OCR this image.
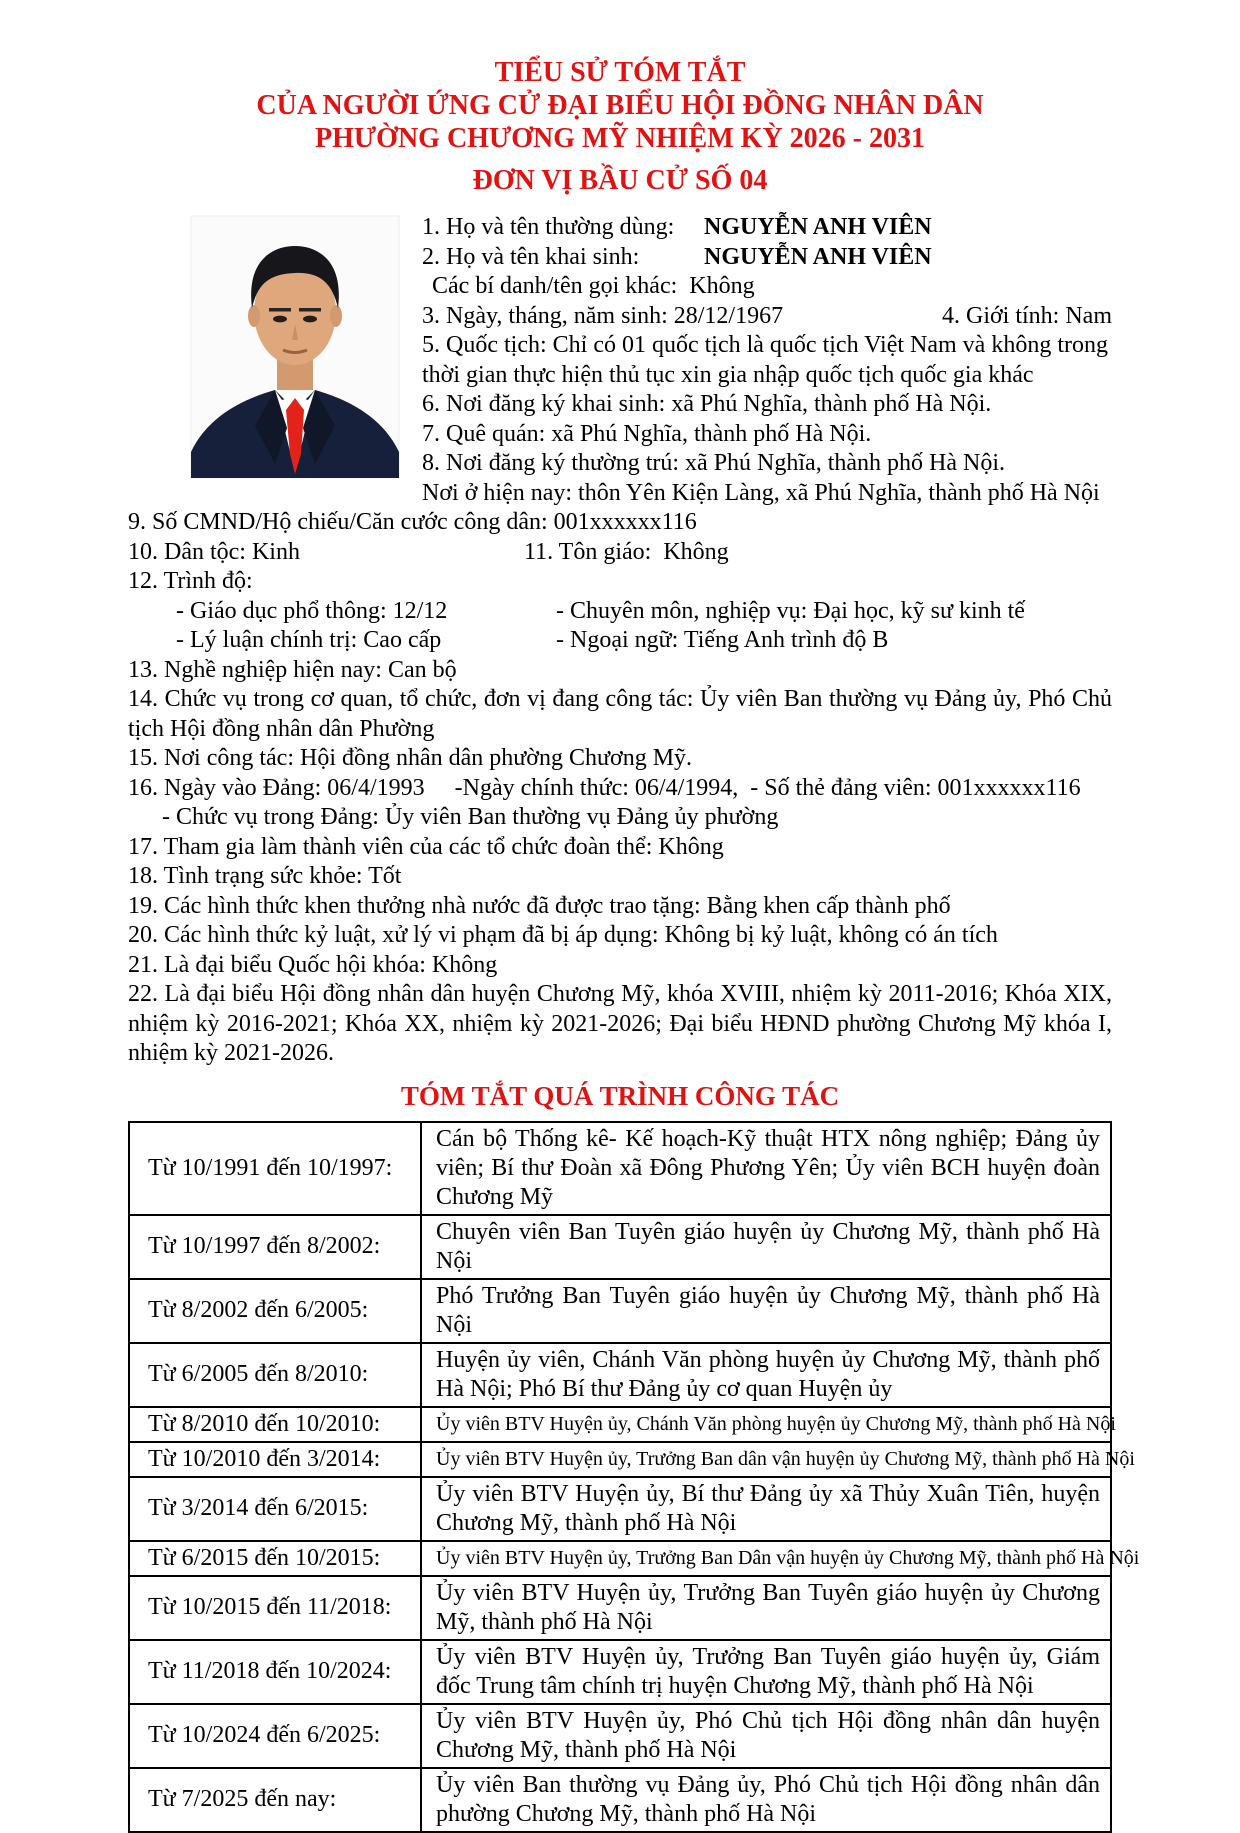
TIỂU SỬ TÓM TẮT
CỦA NGƯỜI ỨNG CỬ ĐẠI BIỂU HỘI ĐỒNG NHÂN DÂN
PHƯỜNG CHƯƠNG MỸ NHIỆM KỲ 2026 - 2031
ĐƠN VỊ BẦU CỬ SỐ 04
1. Họ và tên thường dùng: NGUYỄN ANH VIÊN
2. Họ và tên khai sinh:	NGUYỄN ANH VIÊN
Các bí danh/tên gọi khác:  Không
3. Ngày, tháng, năm sinh: 28/12/1967	4. Giới tính: Nam
5. Quốc tịch: Chỉ có 01 quốc tịch là quốc tịch Việt Nam và không trong thời gian thực hiện thủ tục xin gia nhập quốc tịch quốc gia khác
6. Nơi đăng ký khai sinh: xã Phú Nghĩa, thành phố Hà Nội.
7. Quê quán: xã Phú Nghĩa, thành phố Hà Nội.
8. Nơi đăng ký thường trú: xã Phú Nghĩa, thành phố Hà Nội.
Nơi ở hiện nay: thôn Yên Kiện Làng, xã Phú Nghĩa, thành phố Hà Nội
9. Số CMND/Hộ chiếu/Căn cước công dân: 001xxxxxx116
10. Dân tộc: Kinh	11. Tôn giáo:  Không
12. Trình độ:
- Giáo dục phổ thông: 12/12	- Chuyên môn, nghiệp vụ: Đại học, kỹ sư kinh tế
- Lý luận chính trị: Cao cấp	- Ngoại ngữ: Tiếng Anh trình độ B
13. Nghề nghiệp hiện nay: Can bộ
14. Chức vụ trong cơ quan, tổ chức, đơn vị đang công tác: Ủy viên Ban thường vụ Đảng ủy, Phó Chủ tịch Hội đồng nhân dân Phường
15. Nơi công tác: Hội đồng nhân dân phường Chương Mỹ.
16. Ngày vào Đảng: 06/4/1993     -Ngày chính thức: 06/4/1994,  - Số thẻ đảng viên: 001xxxxxx116
- Chức vụ trong Đảng: Ủy viên Ban thường vụ Đảng ủy phường
17. Tham gia làm thành viên của các tổ chức đoàn thể: Không
18. Tình trạng sức khỏe: Tốt
19. Các hình thức khen thưởng nhà nước đã được trao tặng: Bằng khen cấp thành phố
20. Các hình thức kỷ luật, xử lý vi phạm đã bị áp dụng: Không bị kỷ luật, không có án tích
21. Là đại biểu Quốc hội khóa: Không
22. Là đại biểu Hội đồng nhân dân huyện Chương Mỹ, khóa XVIII, nhiệm kỳ 2011-2016; Khóa XIX, nhiệm kỳ 2016-2021; Khóa XX, nhiệm kỳ 2021-2026; Đại biểu HĐND phường Chương Mỹ khóa I, nhiệm kỳ 2021-2026.
TÓM TẮT QUÁ TRÌNH CÔNG TÁC
Từ 10/1991 đến 10/1997:
Cán bộ Thống kê- Kế hoạch-Kỹ thuật HTX nông nghiệp; Đảng ủy viên; Bí thư Đoàn xã Đông Phương Yên; Ủy viên BCH huyện đoàn Chương Mỹ
Từ 10/1997 đến 8/2002:
Chuyên viên Ban Tuyên giáo huyện ủy Chương Mỹ, thành phố Hà Nội
Từ 8/2002 đến 6/2005:
Phó Trưởng Ban Tuyên giáo huyện ủy Chương Mỹ, thành phố Hà Nội
Từ 6/2005 đến 8/2010:
Huyện ủy viên, Chánh Văn phòng huyện ủy Chương Mỹ, thành phố Hà Nội; Phó Bí thư Đảng ủy cơ quan Huyện ủy
Từ 8/2010 đến 10/2010:	Ủy viên BTV Huyện ủy, Chánh Văn phòng huyện ủy Chương Mỹ, thành phố Hà Nội
Từ 10/2010 đến 3/2014:	Ủy viên BTV Huyện ủy, Trưởng Ban dân vận huyện ủy Chương Mỹ, thành phố Hà Nội
Từ 3/2014 đến 6/2015:
Ủy viên BTV Huyện ủy, Bí thư Đảng ủy xã Thủy Xuân Tiên, huyện Chương Mỹ, thành phố Hà Nội
Từ 6/2015 đến 10/2015:	Ủy viên BTV Huyện ủy, Trưởng Ban Dân vận huyện ủy Chương Mỹ, thành phố Hà Nội
Từ 10/2015 đến 11/2018:
Ủy viên BTV Huyện ủy, Trưởng Ban Tuyên giáo huyện ủy Chương Mỹ, thành phố Hà Nội
Từ 11/2018 đến 10/2024:
Ủy viên BTV Huyện ủy, Trưởng Ban Tuyên giáo huyện ủy, Giám đốc Trung tâm chính trị huyện Chương Mỹ, thành phố Hà Nội
Từ 10/2024 đến 6/2025:
Ủy viên BTV Huyện ủy, Phó Chủ tịch Hội đồng nhân dân huyện Chương Mỹ, thành phố Hà Nội
Từ 7/2025 đến nay:
Ủy viên Ban thường vụ Đảng ủy, Phó Chủ tịch Hội đồng nhân dân phường Chương Mỹ, thành phố Hà Nội
